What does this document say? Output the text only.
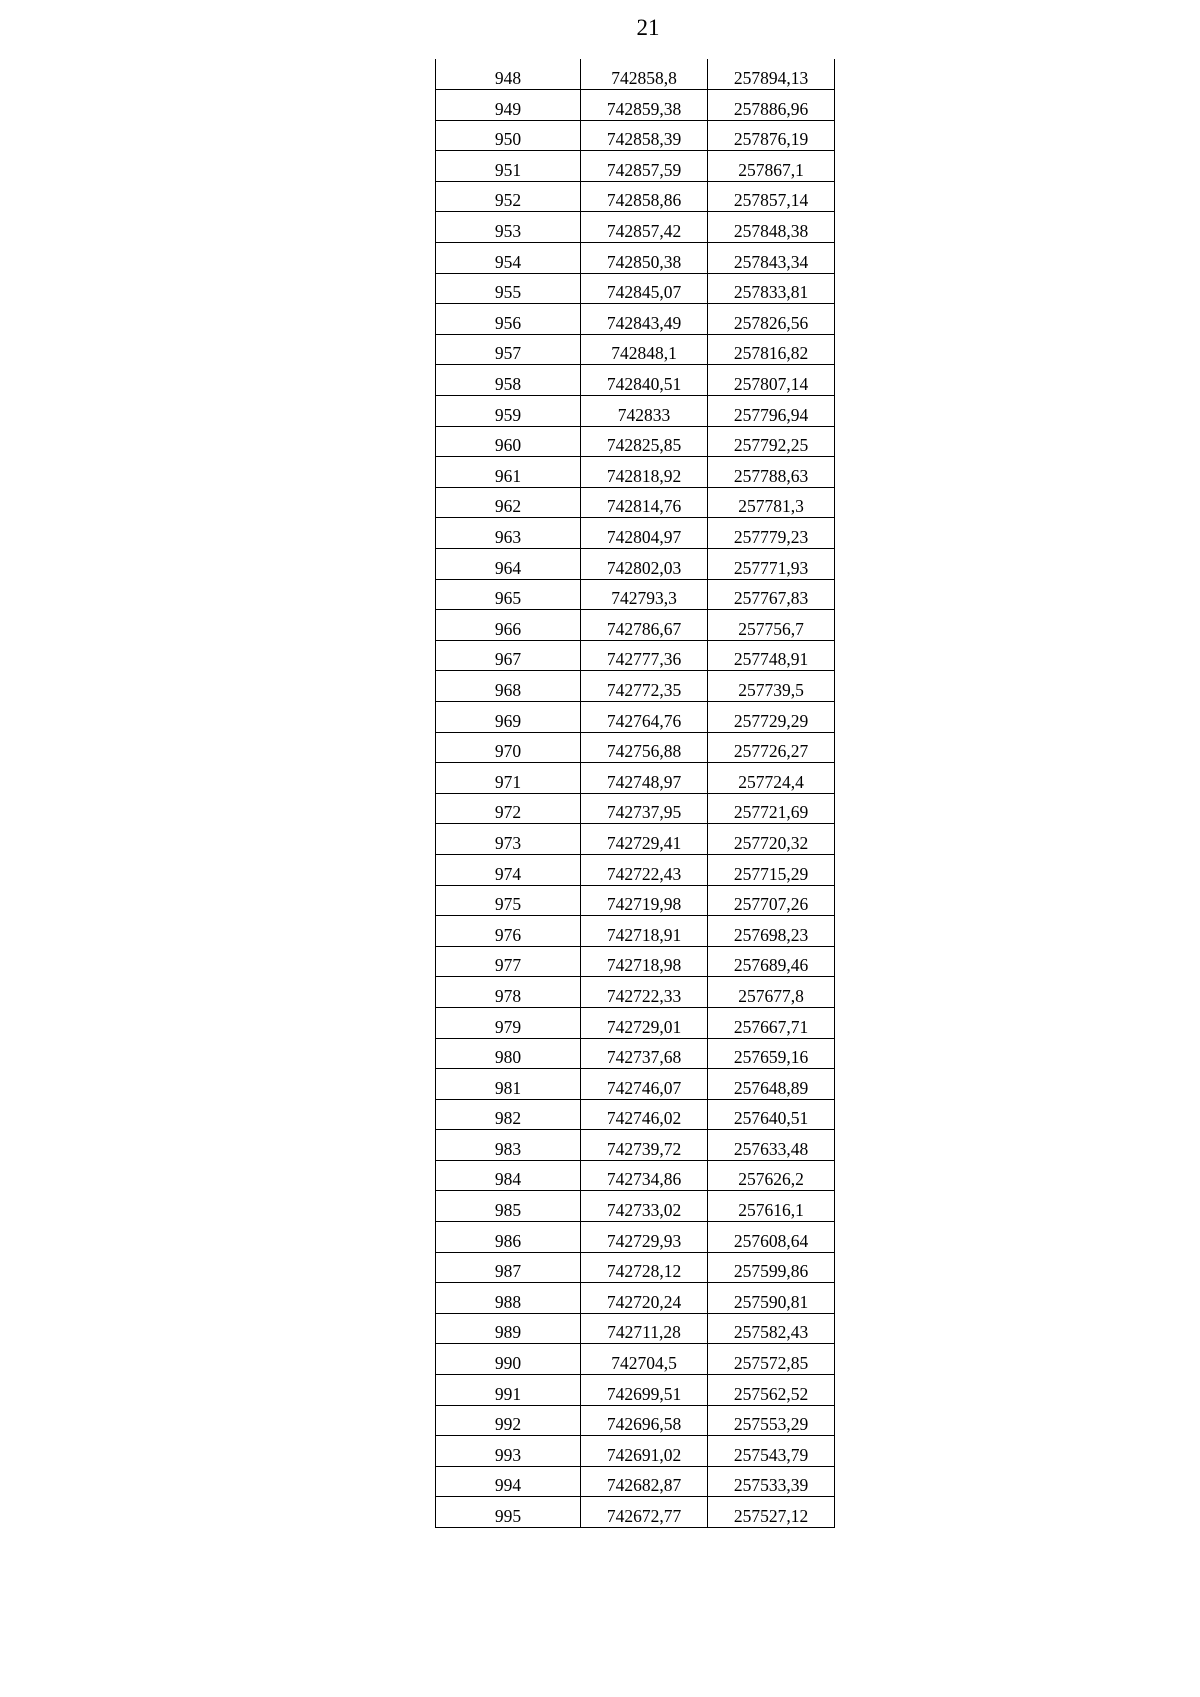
21
948	742858,8	257894,13
949	742859,38	257886,96
950	742858,39	257876,19
951	742857,59	257867,1
952	742858,86	257857,14
953	742857,42	257848,38
954	742850,38	257843,34
955	742845,07	257833,81
956	742843,49	257826,56
957	742848,1	257816,82
958	742840,51	257807,14
959	742833	257796,94
960	742825,85	257792,25
961	742818,92	257788,63
962	742814,76	257781,3
963	742804,97	257779,23
964	742802,03	257771,93
965	742793,3	257767,83
966	742786,67	257756,7
967	742777,36	257748,91
968	742772,35	257739,5
969	742764,76	257729,29
970	742756,88	257726,27
971	742748,97	257724,4
972	742737,95	257721,69
973	742729,41	257720,32
974	742722,43	257715,29
975	742719,98	257707,26
976	742718,91	257698,23
977	742718,98	257689,46
978	742722,33	257677,8
979	742729,01	257667,71
980	742737,68	257659,16
981	742746,07	257648,89
982	742746,02	257640,51
983	742739,72	257633,48
984	742734,86	257626,2
985	742733,02	257616,1
986	742729,93	257608,64
987	742728,12	257599,86
988	742720,24	257590,81
989	742711,28	257582,43
990	742704,5	257572,85
991	742699,51	257562,52
992	742696,58	257553,29
993	742691,02	257543,79
994	742682,87	257533,39
995	742672,77	257527,12
